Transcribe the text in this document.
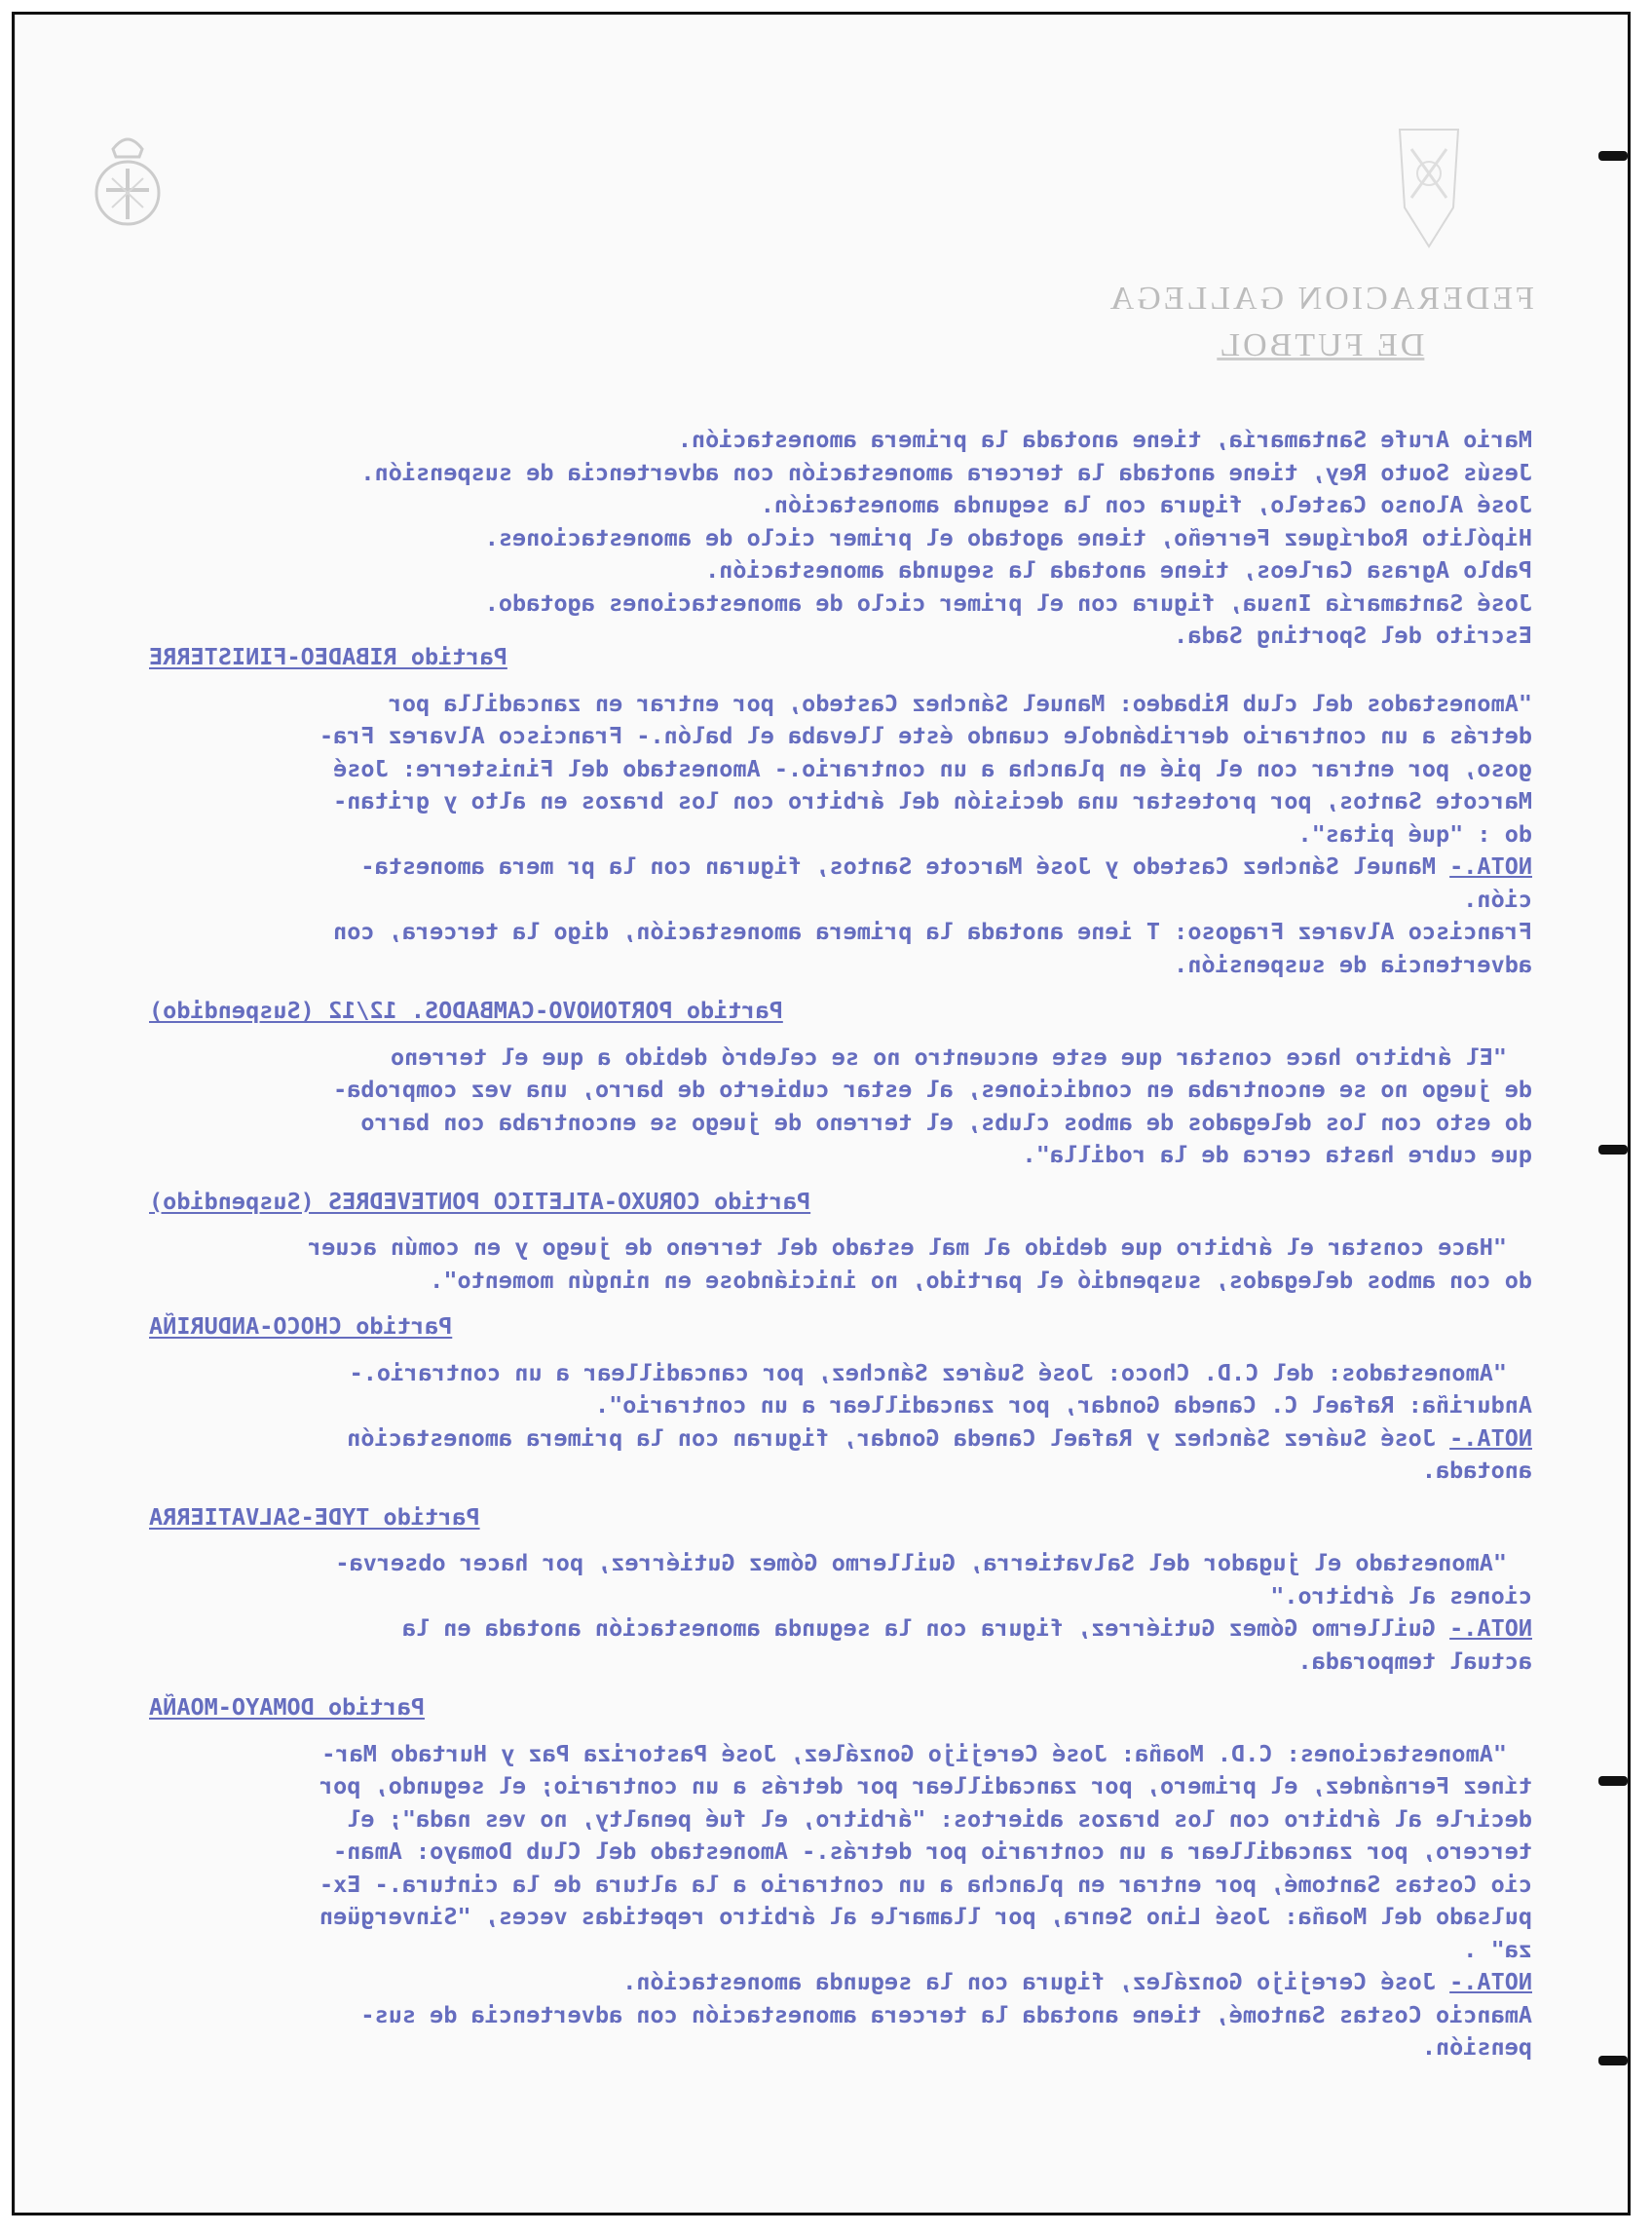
FEDERACION GALLEGA
DE FUTBOL
Mario Arufe Santamaría, tiene anotada la primera amonestación.
Jesús Souto Rey, tiene anotada la tercera amonestación con advertencia de suspensión.
José Alonso Castelo, figura con la segunda amonestación.
Hipólito Rodríguez Ferreño, tiene agotado el primer ciclo de amonestaciones.
Pablo Agrasa Carleos, tiene anotada la segunda amonestación.
José Santamaría Insua, figura con el primer ciclo de amonestaciones agotado.
Escrito del Sporting Sada.
Partido RIBADEO-FINISTERRE
"Amonestados del club Ribadeo: Manuel Sánchez Castedo, por entrar en zancadilla por
detrás a un contrario derribándole cuando éste llevaba el balón.- Francisco Alvarez Fra-
goso, por entrar con el pié en plancha a un contrario.- Amonestado del Finisterre: José
Marcote Santos, por protestar una decisión del árbitro con los brazos en alto y gritan-
do : "qué pitas".
NOTA.- Manuel Sánchez Castedo y José Marcote Santos, figuran con la pr mera amonesta-
ción.
Francisco Alvarez Fragoso: T iene anotada la primera amonestación, digo la tercera, con
advertencia de suspensión.
Partido PORTONOVO-CAMBADOS. 12/12 (Suspendido)
"El árbitro hace constar que este encuentro no se celebró debido a que el terreno
de juego no se encontraba en condiciones, al estar cubierto de barro, una vez comproba-
do esto con los delegados de ambos clubs, el terreno de juego se encontraba con barro
que cubre hasta cerca de la rodilla".
Partido CORUXO-ATLETICO PONTEVEDRES (Suspendido)
"Hace constar el árbitro que debido al mal estado del terreno de juego y en común acuer
do con ambos delegados, suspendió el partido, no iniciándose en ningún momento".
Partido CHOCO-ANDURIÑA
"Amonestados: del C.D. Choco: José Suárez Sánchez, por cancadillear a un contrario.-
Anduriña: Rafael C. Caneda Gondar, por zancadillear a un contrario".
NOTA.- José Suárez Sánchez y Rafael Caneda Gondar, figuran con la primera amonestación
anotada.
Partido TYDE-SALVATIERRA
"Amonestado el jugador del Salvatierra, Guillermo Gómez Gutiérrez, por hacer observa-
ciones al árbitro."
NOTA.- Guillermo Gómez Gutiérrez, figura con la segunda amonestación anotada en la
actual temporada.
Partido DOMAYO-MOAÑA
"Amonestaciones: C.D. Moaña: José Cerejijo González, José Pastoriza Paz y Hurtado Mar-
tínez Fernández, el primero, por zancadillear por detrás a un contrario; el segundo, por
decirle al árbitro con los brazos abiertos: "árbitro, el fué penalty, no ves nada"; el
tercero, por zancadillear a un contrario por detrás.- Amonestado del Club Domayo: Aman-
cio Costas Santomé, por entrar en plancha a un contrario a la altura de la cintura.- Ex-
pulsado del Moaña: José Lino Senra, por llamarle al árbitro repetidas veces, "Sinvergüen
za" .
NOTA.- José Cerejijo González, figura con la segunda amonestación.
Amancio Costas Santomé, tiene anotada la tercera amonestación con advertencia de sus-
pensión.
